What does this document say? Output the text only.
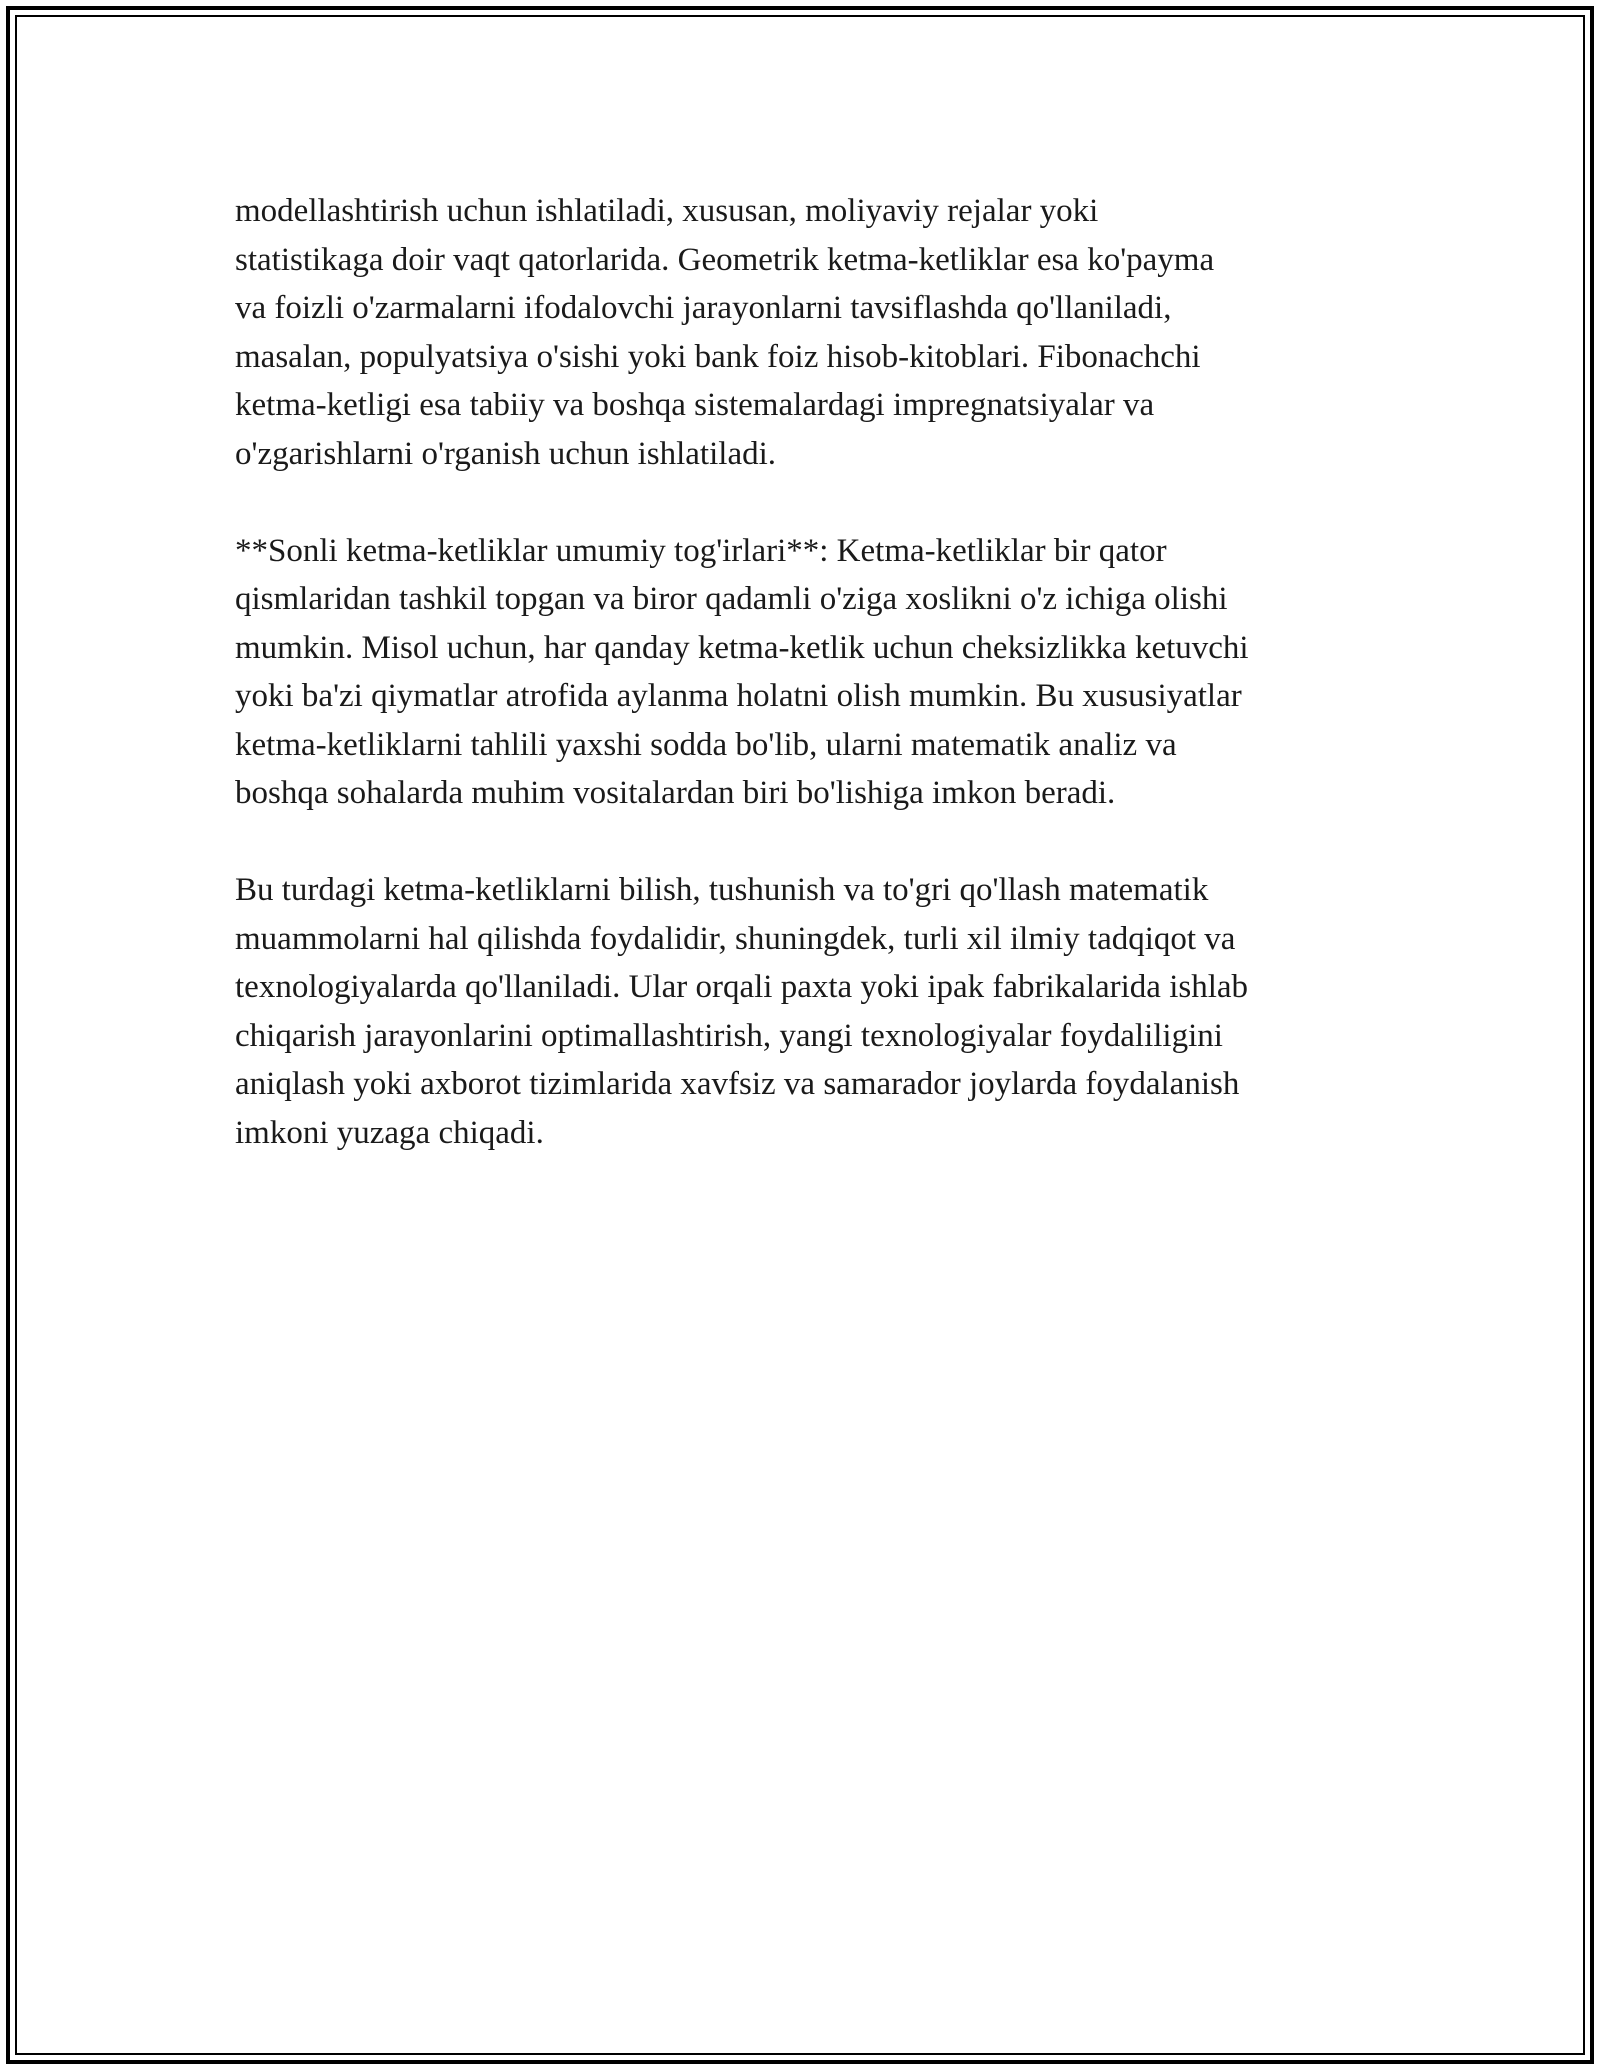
modellashtirish uchun ishlatiladi, xususan, moliyaviy rejalar yoki
statistikaga doir vaqt qatorlarida. Geometrik ketma-ketliklar esa ko'payma
va foizli o'zarmalarni ifodalovchi jarayonlarni tavsiflashda qo'llaniladi,
masalan, populyatsiya o'sishi yoki bank foiz hisob-kitoblari. Fibonachchi
ketma-ketligi esa tabiiy va boshqa sistemalardagi impregnatsiyalar va
o'zgarishlarni o'rganish uchun ishlatiladi.

**Sonli ketma-ketliklar umumiy tog'irlari**: Ketma-ketliklar bir qator
qismlaridan tashkil topgan va biror qadamli o'ziga xoslikni o'z ichiga olishi
mumkin. Misol uchun, har qanday ketma-ketlik uchun cheksizlikka ketuvchi
yoki ba'zi qiymatlar atrofida aylanma holatni olish mumkin. Bu xususiyatlar
ketma-ketliklarni tahlili yaxshi sodda bo'lib, ularni matematik analiz va
boshqa sohalarda muhim vositalardan biri bo'lishiga imkon beradi.

Bu turdagi ketma-ketliklarni bilish, tushunish va to'gri qo'llash matematik
muammolarni hal qilishda foydalidir, shuningdek, turli xil ilmiy tadqiqot va
texnologiyalarda qo'llaniladi. Ular orqali paxta yoki ipak fabrikalarida ishlab
chiqarish jarayonlarini optimallashtirish, yangi texnologiyalar foydaliligini
aniqlash yoki axborot tizimlarida xavfsiz va samarador joylarda foydalanish
imkoni yuzaga chiqadi.
